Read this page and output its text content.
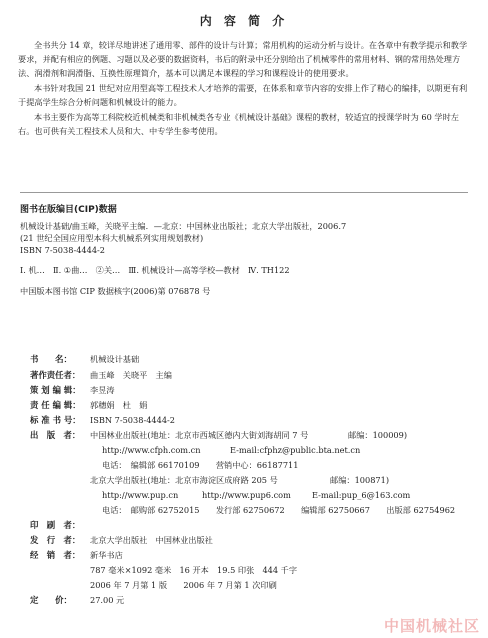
内 容 简 介

全书共分 14 章，较详尽地讲述了通用零、部件的设计与计算；常用机构的运动分析与设计。在各章中有教学提示和教学要求，并配有相应的例题、习题以及必要的数据资料，书后的附录中还分别给出了机械零件的常用材料、钢的常用热处理方法、润滑剂和润滑脂、互换性原理简介，基本可以满足本课程的学习和课程设计的使用要求。

本书针对我国 21 世纪对应用型高等工程技术人才培养的需要，在体系和章节内容的安排上作了精心的编排，以期更有利于提高学生综合分析问题和机械设计的能力。

本书主要作为高等工科院校近机械类和非机械类各专业《机械设计基础》课程的教材，较适宜的授课学时为 60 学时左右。也可供有关工程技术人员和大、中专学生参考使用。

图书在版编目(CIP)数据
机械设计基础/曲玉峰，关晓平主编．—北京：中国林业出版社；北京大学出版社，2006.7
(21 世纪全国应用型本科大机械系列实用规划教材)
ISBN 7-5038-4444-2
Ⅰ. 机…　Ⅱ. ①曲…　②关…　Ⅲ. 机械设计—高等学校—教材　Ⅳ. TH122
中国版本图书馆 CIP 数据核字(2006)第 076878 号
书　　名：	机械设计基础
著作责任者：	曲玉峰　关晓平　主编
策 划 编 辑：	李昱涛
责 任 编 辑：	郭穗娟　杜　娟
标 准 书 号：	ISBN 7-5038-4444-2
出　版　者：	中国林业出版社(地址：北京市西城区德内大街刘海胡同 7 号	邮编：100009)
http://www.cfph.com.cn	E-mail:cfphz@public.bta.net.cn
电话：　编辑部 66170109　　营销中心：66187711
北京大学出版社(地址：北京市海淀区成府路 205 号	邮编：100871)
http://www.pup.cn	http://www.pup6.com	E-mail:pup_6@163.com
电话：　邮购部 62752015　　发行部 62750672　　编辑部 62750667　　出版部 62754962
印　刷　者：
发　行　者：	北京大学出版社　中国林业出版社
经　销　者：	新华书店
787 毫米×1092 毫米　16 开本　19.5 印张　444 千字
2006 年 7 月第 1 版　　2006 年 7 月第 1 次印刷
定　　价：	27.00 元
中国机械社区
